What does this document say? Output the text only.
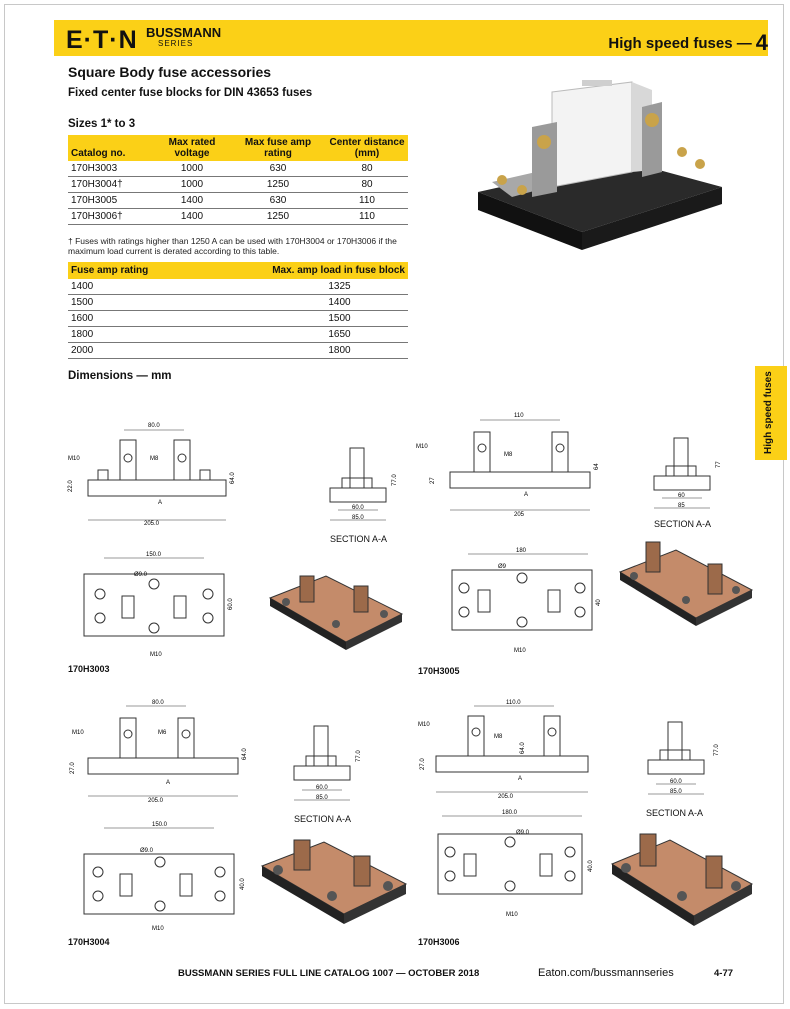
E·T·N BUSSMANN
SERIES	High speed fuses — 4
Square Body fuse accessories
Fixed center fuse blocks for DIN 43653 fuses
Sizes 1* to 3
Catalog no.	Max rated voltage	Max fuse amp rating	Center distance (mm)
170H3003	1000	630	80
170H3004†	1000	1250	80
170H3005	1400	630	110
170H3006†	1400	1250	110
† Fuses with ratings higher than 1250 A can be used with 170H3004 or 170H3006 if the maximum load current is derated according to this table.
Fuse amp rating	Max. amp load in fuse block
1400	1325
1500	1400
1600	1500
1800	1650
2000	1800
Dimensions — mm	High speed fuses
80.0
205.0
M10	M8
64.0
22.0
A
60.0
85.0
77.0
SECTION A-A
150.0
Ø9.0
M10
60.0
170H3003
110
205
M10
M8
64
27
A	60
85
77
SECTION A-A
180
Ø9
M10
40
170H3005
80.0
205.0
M10	M6
64.0
27.0
A
60.0
85.0
77.0
SECTION A-A
150.0
Ø9.0
M10
40.0
170H3004
110.0
205.0
M10
M8
64.0
27.0
A	60.0
85.0
77.0
SECTION A-A
180.0
Ø9.0
M10
40.0
170H3006
BUSSMANN SERIES FULL LINE CATALOG 1007 — OCTOBER 2018	Eaton.com/bussmannseries	4-77
